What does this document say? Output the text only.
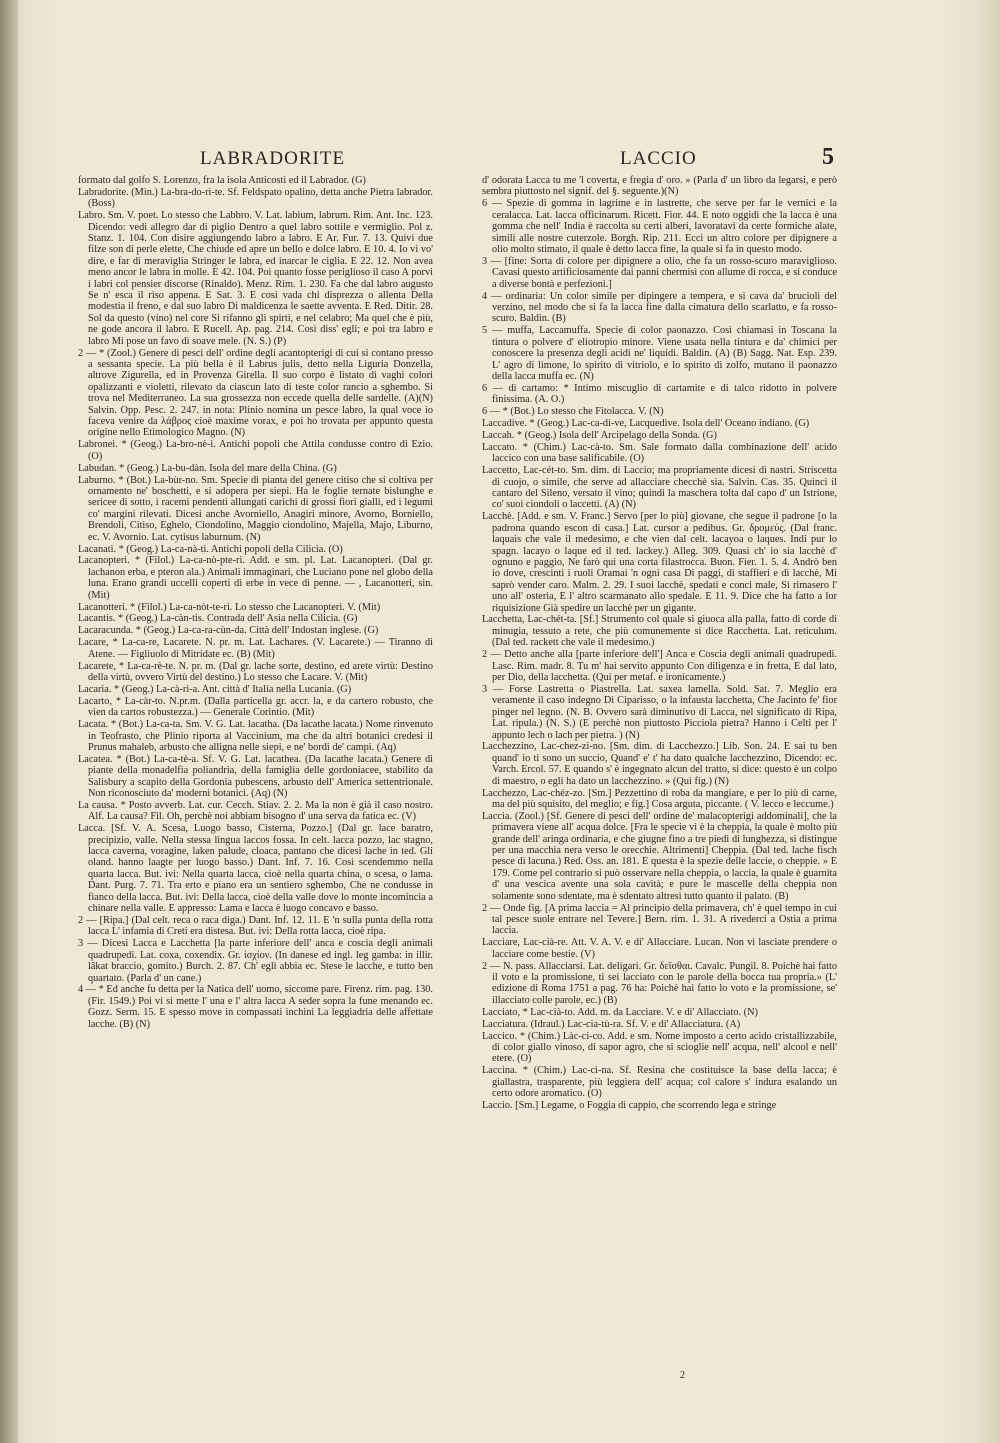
LABRADORITE	LACCIO	5

formato dal golfo S. Lorenzo, fra la isola Anticosti ed il Labrador. (G)

Labradorite. (Min.) La-bra-do-ri-te. Sf. Feldspato opalino, detta anche Pietra labrador. (Boss)

Labro. Sm. V. poet. Lo stesso che Labbro. V. Lat. labium, labrum. Rim. Ant. Inc. 123. Dicendo: vedi allegro dar di piglio Dentro a quel labro sottile e vermiglio. Pol z. Stanz. 1. 104. Con disire aggiungendo labro a labro. E Ar. Fur. 7. 13. Quivi due filze son di perle elette, Che chiude ed apre un bello e dolce labro. E 10. 4. Io vi vo' dire, e far di meraviglia Stringer le labra, ed inarcar le ciglia. E 22. 12. Non avea meno ancor le labra in molle. E 42. 104. Poi quanto fosse periglioso il caso A porvi i labri col pensier discorse (Rinaldo). Menz. Rim. 1. 230. Fa che dal labro augusto Se n' esca il riso appena. E Sat. 3. E così vada chi disprezza o allenta Della modestia il freno, e dal suo labro Di maldicenza le saette avventa. E Red. Ditir. 28. Sol da questo (vino) nel core Si rifanno gli spirti, e nel celabro; Ma quel che è più, ne gode ancora il labro. E Rucell. Ap. pag. 214. Così diss' egli; e poi tra labro e labro Mi pose un favo di soave mele. (N. S.) (P)

2 — * (Zool.) Genere di pesci dell' ordine degli acantopterigi di cui si contano presso a sessanta specie. La più bella è il Labrus julis, detto nella Liguria Donzella, altrove Zigurella, ed in Provenza Girella. Il suo corpo è listato di vaghi colori opalizzanti e violetti, rilevato da ciascun lato di teste color rancio a sghembo. Si trova nel Mediterraneo. La sua grossezza non eccede quella delle sardelle. (A)(N) Salvin. Opp. Pesc. 2. 247. in nota: Plinio nomina un pesce labro, la qual voce io faceva venire da λάβρος cioè maxime vorax, e poi ho trovata per appunto questa origine nello Etimologico Magno. (N)

Labronei. * (Geog.) La-bro-nè-i. Antichi popoli che Attila condusse contro di Ezio. (O)

Labudan. * (Geog.) La-bu-dàn. Isola del mare della China. (G)

Laburno. * (Bot.) La-bùr-no. Sm. Specie di pianta del genere citiso che si coltiva per ornamento ne' boschetti, e si adopera per siepi. Ha le foglie ternate bislunghe e sericee di sotto, i racemi pendenti allungati carichi di grossi fiori gialli, ed i legumi co' margini rilevati. Dicesi anche Avorniello, Anagiri minore, Avorno, Borniello, Brendoli, Citiso, Eghelo, Ciondolino, Maggio ciondolino, Majella, Majo, Liburno, ec. V. Avornio. Lat. cytisus laburnum. (N)

Lacanati. * (Geog.) La-ca-nà-ti. Antichi popoli della Cilicia. (O)

Lacanopteri. * (Filol.) La-ca-nò-pte-ri. Add. e sm. pl. Lat. Lacanopteri. (Dal gr. lachanon erba, e pteron ala.) Animali immaginari, che Luciano pone nel globo della luna. Erano grandi uccelli coperti di erbe in vece di penne. — , Lacanotteri, sin. (Mit)

Lacanotteri. * (Filol.) La-ca-nòt-te-ri. Lo stesso che Lacanopteri. V. (Mit)

Lacantis. * (Geog.) La-càn-tis. Contrada dell' Asia nella Cilicia. (G)

Lacaracunda. * (Geog.) La-ca-ra-cùn-da. Città dell' Indostan inglese. (G)

Lacare, * La-ca-re, Lacarete. N. pr. m. Lat. Lachares. (V. Lacarete.) — Tiranno di Atene. — Figliuolo di Mitridate ec. (B) (Mit)

Lacarete, * La-ca-rè-te. N. pr. m. (Dal gr. lache sorte, destino, ed arete virtù: Destino della virtù, ovvero Virtù del destino.) Lo stesso che Lacare. V. (Mit)

Lacaria. * (Geog.) La-cà-ri-a. Ant. città d' Italia nella Lucania. (G)

Lacarto, * La-càr-to. N.pr.m. (Dalla particella gr. accr. la, e da cartero robusto, che vien da cartos robustezza.) — Generale Corintio. (Mit)

Lacata. * (Bot.) La-ca-ta. Sm. V. G. Lat. lacatha. (Da lacathe lacata.) Nome rinvenuto in Teofrasto, che Plinio riporta al Vaccinium, ma che da altri botanici credesi il Prunus mahaleb, arbusto che alligna nelle siepi, e ne' bordi de' campi. (Aq)

Lacatea. * (Bot.) La-ca-tè-a. Sf. V. G. Lat. lacathea. (Da lacathe lacata.) Genere di piante della monadelfia poliandria, della famiglia delle gordoniacee, stabilito da Salisbury a scapito della Gordonia pubescens, arbusto dell' America settentrionale. Non riconosciuto da' moderni botanici. (Aq) (N)

La causa. * Posto avverb. Lat. cur. Cecch. Stiav. 2. 2. Ma la non è già il caso nostro. Alf. La causa? Fil. Oh, perchè noi abbiam bisogno d' una serva da fatica ec. (V)

Lacca. [Sf. V. A. Scesa, Luogo basso, Cisterna, Pozzo.] (Dal gr. lace baratro, precipizio, valle. Nella stessa lingua laccos fossa. In celt. lacca pozzo, lac stagno, lacca caverna, voragine, laken palude, cloaca, pantano che dicesi lache in ted. Gli oland. hanno laagte per luogo basso.) Dant. Inf. 7. 16. Così scendemmo nella quarta lacca. But. ivi: Nella quarta lacca, cioè nella quarta china, o scesa, o lama. Dant. Purg. 7. 71. Tra erto e piano era un sentiero sghembo, Che ne condusse in fianco della lacca. But. ivi: Della lacca, cioè della valle dove lo monte incominciа a chinare nella valle. E appresso: Lama e lacca è luogo concavo e basso.

2 — [Ripa.] (Dal celt. reca o raca diga.) Dant. Inf. 12. 11. E 'n sulla punta della rotta lacca L' infamia di Creti era distesa. But. ivi: Della rotta lacca, cioè ripa.

3 — Dicesi Lacca e Lacchetta [la parte inferiore dell' anca e coscia degli animali quadrupedi. Lat. coxa, coxendix. Gr. ἰσχίον. (In danese ed ingl. leg gamba: in illir. lâkat braccio, gomito.) Burch. 2. 87. Ch' egli abbia ec. Stese le lacche, e tutto ben quartato. (Parla d' un cane.)

4 — * Ed anche fu detta per la Natica dell' uomo, siccome pare. Firenz. rim. pag. 130. (Fir. 1549.) Poi vi si mette l' una e l' altra lacca A seder sopra la fune menando ec. Gozz. Serm. 15. E spesso move in compassati inchini La leggiadria delle affettate lacche. (B) (N)

d' odorata Lacca tu me 'l coverta, e fregia d' oro. » (Parla d' un libro da legarsi, e però sembra piuttosto nel signif. del §. seguente.)(N)

6 — Spezie di gomma in lagrime e in lastrette, che serve per far le vernici e la ceralacca. Lat. lacca officinarum. Ricett. Fior. 44. E noto oggidì che la lacca è una gomma che nell' India è raccolta su certi alberi, lavoratavi da certe formiche alate, simili alle nostre cuterzole. Borgh. Rip. 211. Ecci un altro colore per dipignere a olio molto stimato, il quale è detto lacca fine, la quale si fa in questo modo.

3 — [fine: Sorta di colore per dipignere a olio, che fa un rosso-scuro maraviglioso. Cavasi questo artificiosamente dai panni chermisi con allume di rocca, e si conduce a diverse bontà e perfezioni.]

4 — ordinaria: Un color simile per dipingere a tempera, e si cava da' brucioli del verzino, nel modo che si fa la lacca fine dalla cimatura dello scarlatto, e fa rosso-scuro. Baldin. (B)

5 — muffa, Laccamuffa. Specie di color paonazzo. Così chiamasi in Toscana la tintura o polvere d' eliotropio minore. Viene usata nella tintura e da' chimici per conoscere la presenza degli acidi ne' liquidi. Baldin. (A) (B) Sagg. Nat. Esp. 239. L' agro di limone, lo spirito di vitriolo, e lo spirito di zolfo, mutano il paonazzo della lacca muffa ec. (N)

6 — di cartamo: * Intimo miscuglio di cartamite e di talco ridotto in polvere finissima. (A. O.)

6 — * (Bot.) Lo stesso che Fitolacca. V. (N)

Laccadive. * (Geog.) Lac-ca-di-ve, Lacquedive. Isola dell' Oceano indiano. (G)

Laccah. * (Geog.) Isola dell' Arcipelago della Sonda. (G)

Laccato. * (Chim.) Lac-cà-to. Sm. Sale formato dalla combinazione dell' acido laccico con una base salificabile. (O)

Laccetto, Lac-cét-to. Sm. dim. di Laccio; ma propriamente dicesi di nastri. Striscetta di cuojo, o simile, che serve ad allacciare checchè sia. Salvin. Cas. 35. Quinci il cantaro del Sileno, versato il vino; quindi la maschera tolta dal capo d' un Istrione, co' suoi ciondoli o laccetti. (A) (N)

Lacchè. [Add. e sm. V. Franc.] Servo [per lo più] giovane, che segue il padrone [o la padrona quando escon di casa.] Lat. cursor a pedibus. Gr. δρομεύς. (Dal franc. laquais che vale il medesimo, e che vien dal celt. lacayoa o laques. Indi pur lo spagn. lacayo o laque ed il ted. lackey.) Alleg. 309. Quasi ch' io sia lacchè d' ognuno e paggio, Ne farò qui una corta filastrocca. Buon. Fier. 1. 5. 4. Andrò ben io dove, crescinti i ruoli Oramai 'n ogni casa Di paggi, di staffieri e di lacchè, Mi saprò vender caro. Malm. 2. 29. I suoi lacchè, spedati e conci male, Si rimasero l' uno all' osteria, E l' altro scarmanato allo spedale. E 11. 9. Dice che ha fatto a lor riquisizione Già spedire un lacchè per un gigante.

Lacchetta, Lac-chét-ta. [Sf.] Strumento col quale si giuoca alla palla, fatto di corde di minugia, tessuto a rete, che più comunemente si dice Racchetta. Lat. reticulum. (Dal ted. rackett che vale il medesimo.)

2 — Detto anche alla [parte inferiore dell'] Anca e Coscia degli animali quadrupedi. Lasc. Rim. madr. 8. Tu m' hai servito appunto Con diligenza e in fretta, E dal lato, per Dio, della lacchetta. (Qui per metaf. e ironicamente.)

3 — Forse Lastretta o Piastrella. Lat. saxea lamella. Sold. Sat. 7. Meglio era veramente il caso indegno Di Ciparisso, o la infausta lacchetta, Che Jacinto fe' fior pinger nel legno. (N. B. Ovvero sarà diminutivo di Lacca, nel significato di Ripa, Lat. ripula.) (N. S.) (E perchè non piuttosto Picciola pietra? Hanno i Celti per l' appunto lech o lach per pietra. ) (N)

Lacchezzino, Lac-chez-zì-no. [Sm. dim. di Lacchezzo.] Lib. Son. 24. E sai tu ben quand' io ti sono un succio, Quand' e' t' ha dato qualche lacchezzino, Dicendo: ec. Varch. Ercol. 57. E quando s' è ingegnato alcun del tratto, si dice: questo è un colpo di maestro, o egli ha dato un lacchezzino. » (Qui fig.) (N)

Lacchezzo, Lac-chéz-zo. [Sm.] Pezzettino di roba da mangiare, e per lo più di carne, ma del più squisito, del meglio; e fig.] Cosa arguta, piccante. ( V. lecco e leccume.)

Laccia. (Zool.) [Sf. Genere di pesci dell' ordine de' malacopterigi addominali], che la primavera viene all' acqua dolce. [Fra le specie vi è la cheppia, la quale è molto più grande dell' aringa ordinaria, e che giugne fino a tre piedi di lunghezza, si distingue per una macchia nera verso le orecchie. Altrimenti] Cheppia. (Dal ted. lache fisch pesce di lacuna.) Red. Oss. an. 181. E questa è la spezie delle laccie, o cheppie. » E 179. Come pel contrario si può osservare nella cheppia, o laccia, la quale è guarnita d' una vescica avente una sola cavità; e pure le mascelle della cheppia non solamente sono sdentate, ma è sdentato altresì tutto quanto il palato. (B)

2 — Onde fig. [A prima laccia = Al principio della primavera, ch' è quel tempo in cui tal pesce suole entrare nel Tevere.] Bern. rim. 1. 31. A rivederci a Ostia a prima laccia.

Lacciare, Lac-cià-re. Att. V. A. V. e di' Allacciare. Lucan. Non vi lasciate prendere o lacciare come bestie. (V)

2 — N. pass. Allacciarsi. Lat. deligari. Gr. δεῖσθαι. Cavalc. Pungil. 8. Poichè hai fatto il voto e la promissione, ti sei lacciato con le parole della bocca tua propria.» (L' edizione di Roma 1751 a pag. 76 ha: Poichè hai fatto lo voto e la promissione, se' illacciato colle parole, ec.) (B)

Lacciato, * Lac-cià-to. Add. m. da Lacciare. V. e di' Allacciato. (N)

Lacciatura. (Idraul.) Lac-cia-tù-ra. Sf. V. e di' Allacciatura. (A)

Laccico. * (Chim.) Làc-ci-co. Add. e sm. Nome imposto a certo acido cristallizzabile, di color giallo vinoso, di sapor agro, che si scioglie nell' acqua, nell' alcool e nell' etere. (O)

Laccina. * (Chim.) Lac-cì-na. Sf. Resina che costituisce la base della lacca; è giallastra, trasparente, più leggiera dell' acqua; col calore s' indura esalando un certo odore aromatico. (O)

Laccio. [Sm.] Legame, o Foggia di cappio, che scorrendo lega e stringe

2
